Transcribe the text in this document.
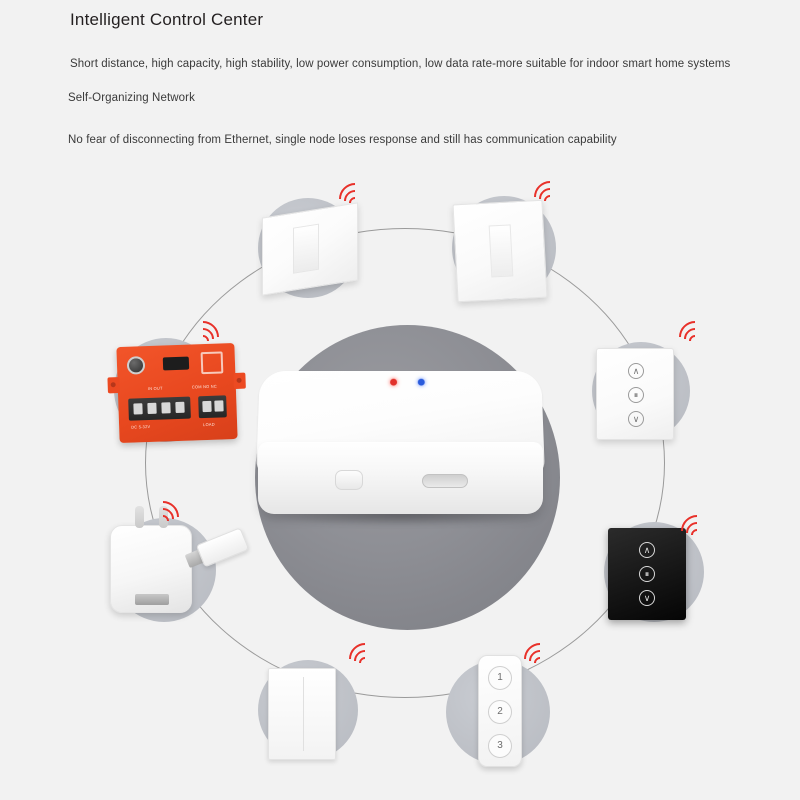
Intelligent Control Center
Short distance, high capacity, high stability, low power consumption, low data rate-more suitable for indoor smart home systems
Self-Organizing Network
No fear of disconnecting from Ethernet, single node loses response and still has communication capability
∧
⏸
∨
∧
⏸
∨
1
2
3
IN OUT	COM NO NC
DC 5-32V	LOAD
